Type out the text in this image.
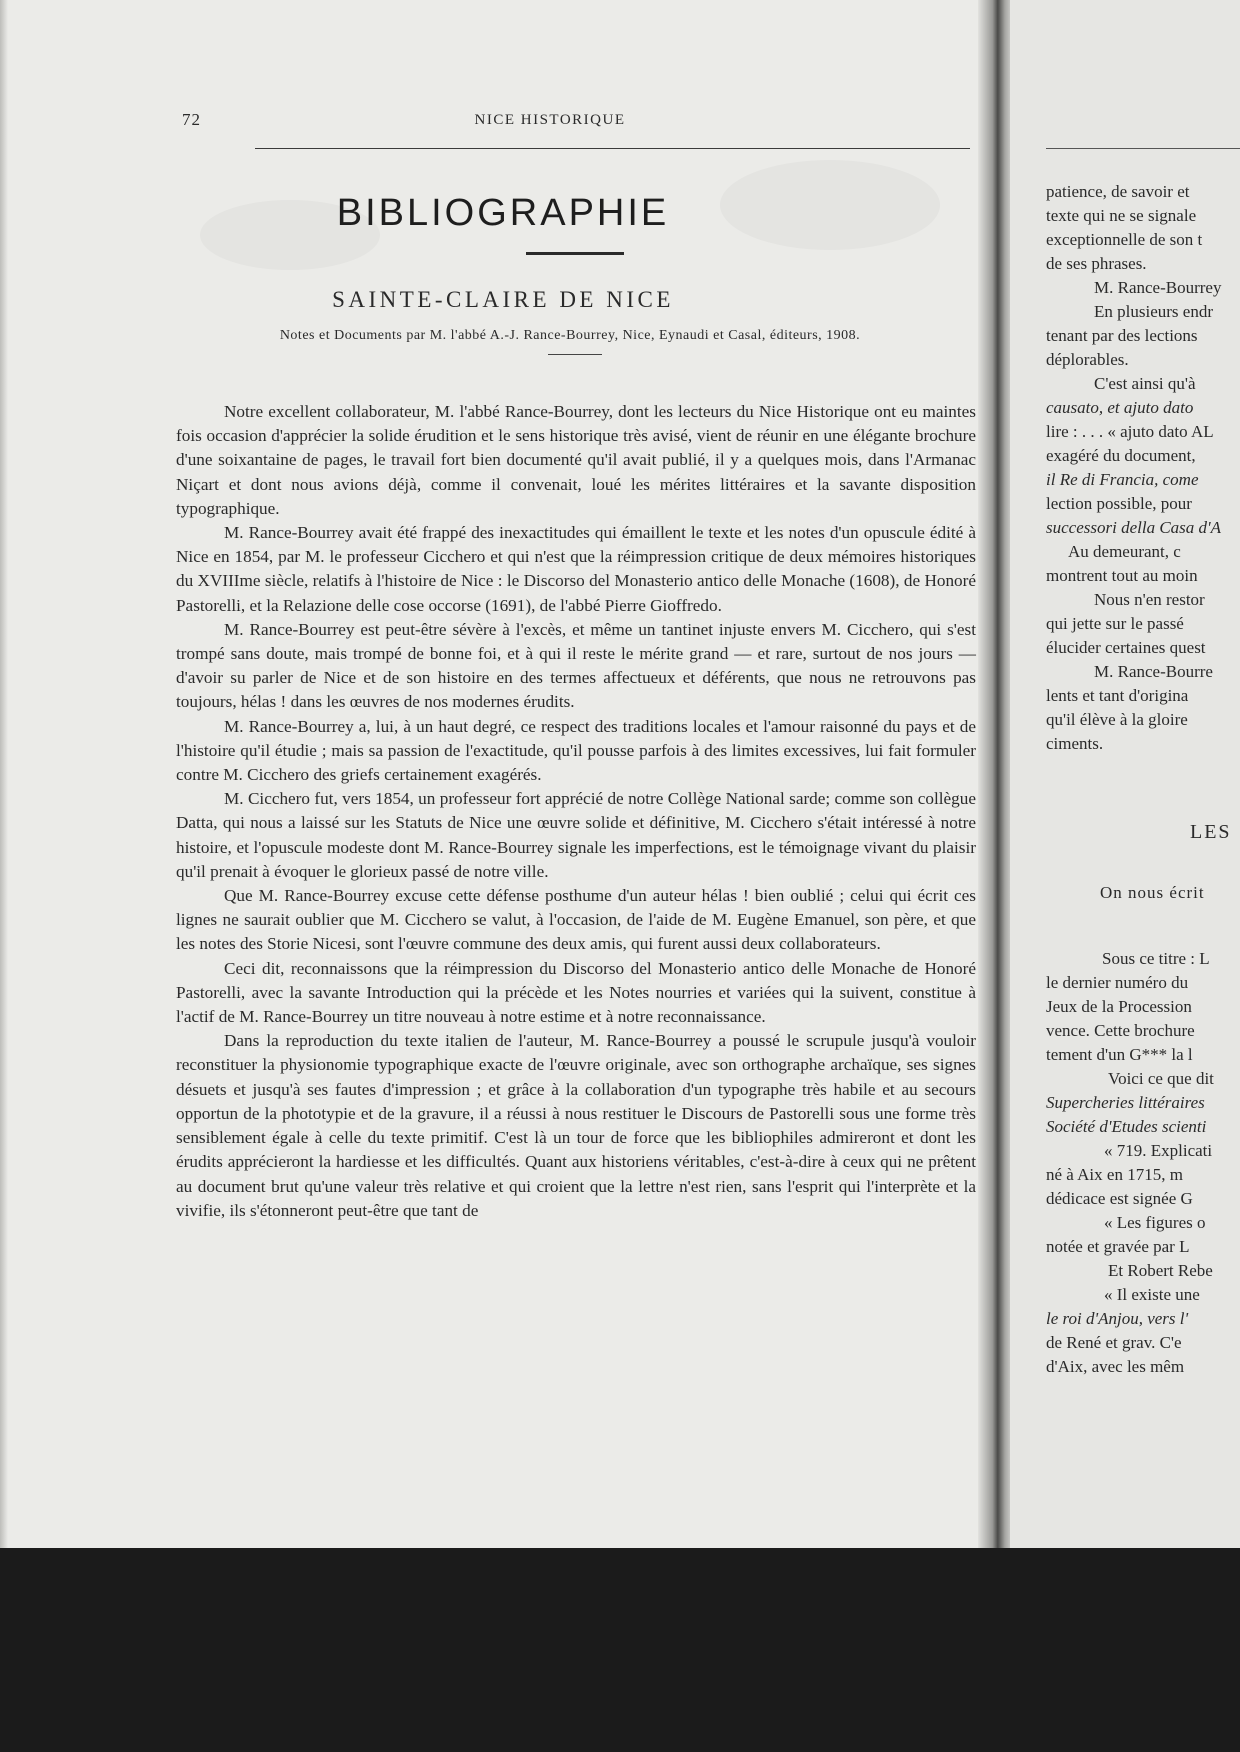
72	NICE HISTORIQUE
BIBLIOGRAPHIE
SAINTE-CLAIRE DE NICE
Notes et Documents par M. l'abbé A.-J. Rance-Bourrey, Nice, Eynaudi et Casal, éditeurs, 1908.

Notre excellent collaborateur, M. l'abbé Rance-Bourrey, dont les lecteurs du Nice Historique ont eu maintes fois occasion d'apprécier la solide érudition et le sens historique très avisé, vient de réunir en une élégante brochure d'une soixantaine de pages, le travail fort bien documenté qu'il avait publié, il y a quelques mois, dans l'Armanac Niçart et dont nous avions déjà, comme il convenait, loué les mérites littéraires et la savante disposition typographique.

M. Rance-Bourrey avait été frappé des inexactitudes qui émaillent le texte et les notes d'un opuscule édité à Nice en 1854, par M. le professeur Cicchero et qui n'est que la réimpression critique de deux mémoires historiques du XVIIIme siècle, relatifs à l'histoire de Nice : le Discorso del Monasterio antico delle Monache (1608), de Honoré Pastorelli, et la Relazione delle cose occorse (1691), de l'abbé Pierre Gioffredo.

M. Rance-Bourrey est peut-être sévère à l'excès, et même un tantinet injuste envers M. Cicchero, qui s'est trompé sans doute, mais trompé de bonne foi, et à qui il reste le mérite grand — et rare, surtout de nos jours — d'avoir su parler de Nice et de son histoire en des termes affectueux et déférents, que nous ne retrouvons pas toujours, hélas ! dans les œuvres de nos modernes érudits.

M. Rance-Bourrey a, lui, à un haut degré, ce respect des traditions locales et l'amour raisonné du pays et de l'histoire qu'il étudie ; mais sa passion de l'exactitude, qu'il pousse parfois à des limites excessives, lui fait formuler contre M. Cicchero des griefs certainement exagérés.

M. Cicchero fut, vers 1854, un professeur fort apprécié de notre Collège National sarde; comme son collègue Datta, qui nous a laissé sur les Statuts de Nice une œuvre solide et définitive, M. Cicchero s'était intéressé à notre histoire, et l'opuscule modeste dont M. Rance-Bourrey signale les imperfections, est le témoignage vivant du plaisir qu'il prenait à évoquer le glorieux passé de notre ville.

Que M. Rance-Bourrey excuse cette défense posthume d'un auteur hélas ! bien oublié ; celui qui écrit ces lignes ne saurait oublier que M. Cicchero se valut, à l'occasion, de l'aide de M. Eugène Emanuel, son père, et que les notes des Storie Nicesi, sont l'œuvre commune des deux amis, qui furent aussi deux collaborateurs.

Ceci dit, reconnaissons que la réimpression du Discorso del Monasterio antico delle Monache de Honoré Pastorelli, avec la savante Introduction qui la précède et les Notes nourries et variées qui la suivent, constitue à l'actif de M. Rance-Bourrey un titre nouveau à notre estime et à notre reconnaissance.

Dans la reproduction du texte italien de l'auteur, M. Rance-Bourrey a poussé le scrupule jusqu'à vouloir reconstituer la physionomie typographique exacte de l'œuvre originale, avec son orthographe archaïque, ses signes désuets et jusqu'à ses fautes d'impression ; et grâce à la collaboration d'un typographe très habile et au secours opportun de la phototypie et de la gravure, il a réussi à nous restituer le Discours de Pastorelli sous une forme très sensiblement égale à celle du texte primitif. C'est là un tour de force que les bibliophiles admireront et dont les érudits apprécieront la hardiesse et les difficultés. Quant aux historiens véritables, c'est-à-dire à ceux qui ne prêtent au document brut qu'une valeur très relative et qui croient que la lettre n'est rien, sans l'esprit qui l'interprète et la vivifie, ils s'étonneront peut-être que tant de

patience, de savoir et
texte qui ne se signale
exceptionnelle de son t
de ses phrases.
M. Rance-Bourrey
En plusieurs endr
tenant par des lections
déplorables.
C'est ainsi qu'à
causato, et ajuto dato
lire : . . . « ajuto dato AL
exagéré du document,
il Re di Francia, come
lection possible, pour
successori della Casa d'A
Au demeurant, c
montrent tout au moin
Nous n'en restor
qui jette sur le passé
élucider certaines quest
M. Rance-Bourre
lents et tant d'origina
qu'il élève à la gloire
ciments.
LES
On nous écrit
Sous ce titre : L
le dernier numéro du
Jeux de la Procession
vence. Cette brochure
tement d'un G*** la l
Voici ce que dit
Supercheries littéraires
Société d'Etudes scienti
« 719. Explicati
né à Aix en 1715, m
dédicace est signée G
« Les figures o
notée et gravée par L
Et Robert Rebe
« Il existe une
le roi d'Anjou, vers l'
de René et grav. C'e
d'Aix, avec les mêm
